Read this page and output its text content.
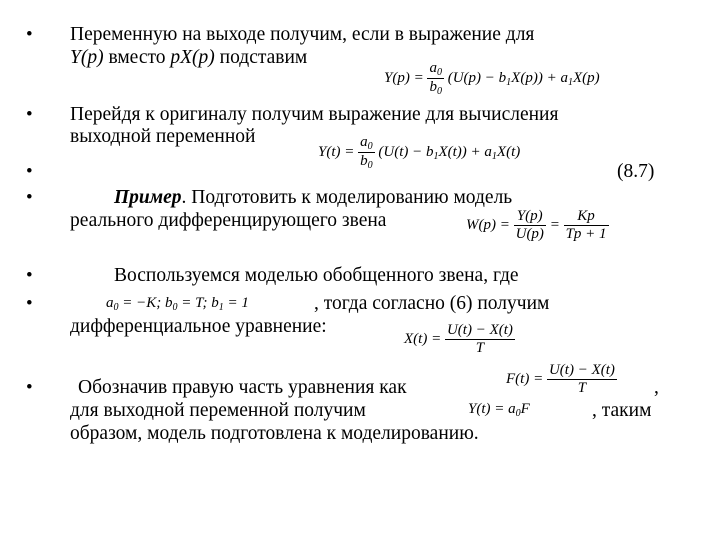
•
•
•
•
•
•
•
Переменную на выходе получим, если в выражение для
Y(p) вместо pX(p) подставим
$Y(p) = \frac{a_0}{b_0} (U(p) - b_1X(p)) + a_1X(p)$
Перейдя к оригиналу получим выражение для вычисления
выходной переменной
$Y(t) = \frac{a_0}{b_0} (U(t) - b_1X(t)) + a_1X(t)$
(8.7)
Пример. Подготовить к моделированию модель
реального дифференцирующего звена	$W(p) = \frac{Y(p)}{U(p)} = \frac{Kp}{Tp + 1}$
Воспользуемся моделью обобщенного звена, где
$a_0 = -K$; $b_0 = T$; $b_1 = 1$	, тогда согласно (6) получим
дифференциальное уравнение:
$X(t) = \frac{U(t) - X(t)}{T}$
Обозначив правую часть уравнения как	$F(t) = \frac{U(t) - X(t)}{T}$ ,
для выходной переменной получим	$Y(t) = a_0F$	, таким
образом, модель подготовлена к моделированию.
